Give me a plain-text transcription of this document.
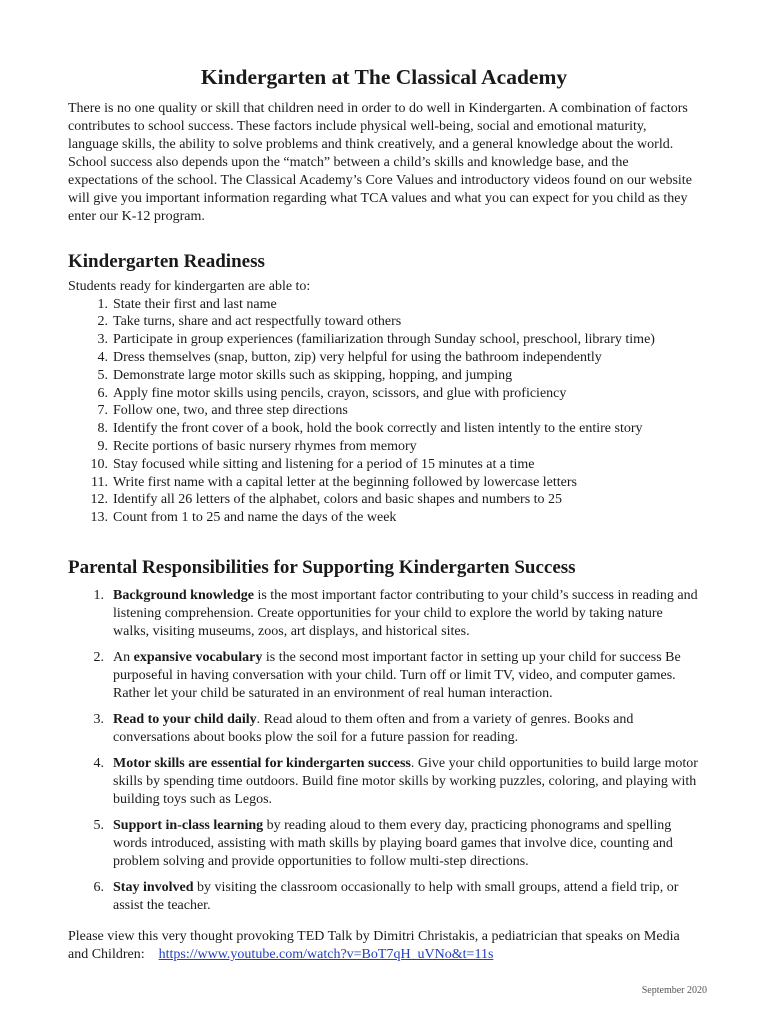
Kindergarten at The Classical Academy

There is no one quality or skill that children need in order to do well in Kindergarten. A combination of factors contributes to school success. These factors include physical well-being, social and emotional maturity, language skills, the ability to solve problems and think creatively, and a general knowledge about the world. School success also depends upon the “match” between a child’s skills and knowledge base, and the expectations of the school. The Classical Academy’s Core Values and introductory videos found on our website will give you important information regarding what TCA values and what you can expect for you child as they enter our K-12 program.

Kindergarten Readiness

Students ready for kindergarten are able to:

1. State their first and last name
2. Take turns, share and act respectfully toward others
3. Participate in group experiences (familiarization through Sunday school, preschool, library time)
4. Dress themselves (snap, button, zip) very helpful for using the bathroom independently
5. Demonstrate large motor skills such as skipping, hopping, and jumping
6. Apply fine motor skills using pencils, crayon, scissors, and glue with proficiency
7. Follow one, two, and three step directions
8. Identify the front cover of a book, hold the book correctly and listen intently to the entire story
9. Recite portions of basic nursery rhymes from memory
10. Stay focused while sitting and listening for a period of 15 minutes at a time
11. Write first name with a capital letter at the beginning followed by lowercase letters
12. Identify all 26 letters of the alphabet, colors and basic shapes and numbers to 25
13. Count from 1 to 25 and name the days of the week
Parental Responsibilities for Supporting Kindergarten Success
1. Background knowledge is the most important factor contributing to your child’s success in reading and listening comprehension. Create opportunities for your child to explore the world by taking nature walks, visiting museums, zoos, art displays, and historical sites.
2. An expansive vocabulary is the second most important factor in setting up your child for success Be purposeful in having conversation with your child. Turn off or limit TV, video, and computer games. Rather let your child be saturated in an environment of real human interaction.
3. Read to your child daily. Read aloud to them often and from a variety of genres. Books and conversations about books plow the soil for a future passion for reading.
4. Motor skills are essential for kindergarten success. Give your child opportunities to build large motor skills by spending time outdoors. Build fine motor skills by working puzzles, coloring, and playing with building toys such as Legos.
5. Support in-class learning by reading aloud to them every day, practicing phonograms and spelling words introduced, assisting with math skills by playing board games that involve dice, counting and problem solving and provide opportunities to follow multi-step directions.
6. Stay involved by visiting the classroom occasionally to help with small groups, attend a field trip, or assist the teacher.

Please view this very thought provoking TED Talk by Dimitri Christakis, a pediatrician that speaks on Media and Children: https://www.youtube.com/watch?v=BoT7qH_uVNo&t=11s

September 2020
